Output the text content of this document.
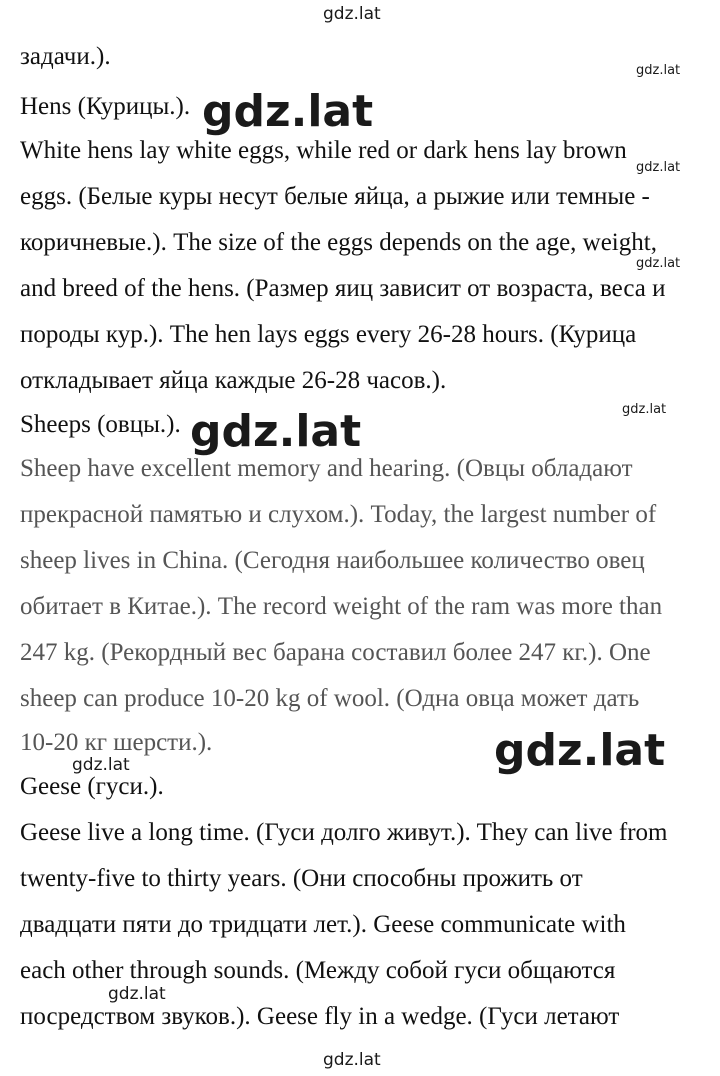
задачи.).
Hens (Курицы.).
White hens lay white eggs, while red or dark hens lay brown
eggs. (Белые куры несут белые яйца, а рыжие или темные -
коричневые.). The size of the eggs depends on the age, weight,
and breed of the hens. (Размер яиц зависит от возраста, веса и
породы кур.). The hen lays eggs every 26-28 hours. (Курица
откладывает яйца каждые 26-28 часов.).
Sheeps (овцы.).
Sheep have excellent memory and hearing. (Овцы обладают
прекрасной памятью и слухом.). Today, the largest number of
sheep lives in China. (Сегодня наибольшее количество овец
обитает в Китае.). The record weight of the ram was more than
247 kg. (Рекордный вес барана составил более 247 кг.). One
sheep can produce 10-20 kg of wool. (Одна овца может дать
10-20 кг шерсти.).
Geese (гуси.).
Geese live a long time. (Гуси долго живут.). They can live from
twenty-five to thirty years. (Они способны прожить от
двадцати пяти до тридцати лет.). Geese communicate with
each other through sounds. (Между собой гуси общаются
посредством звуков.). Geese fly in a wedge. (Гуси летают
gdz.lat
gdz.lat
gdz.lat
gdz.lat
gdz.lat
gdz.lat
gdz.lat
gdz.lat
gdz.lat
gdz.lat
gdz.lat
